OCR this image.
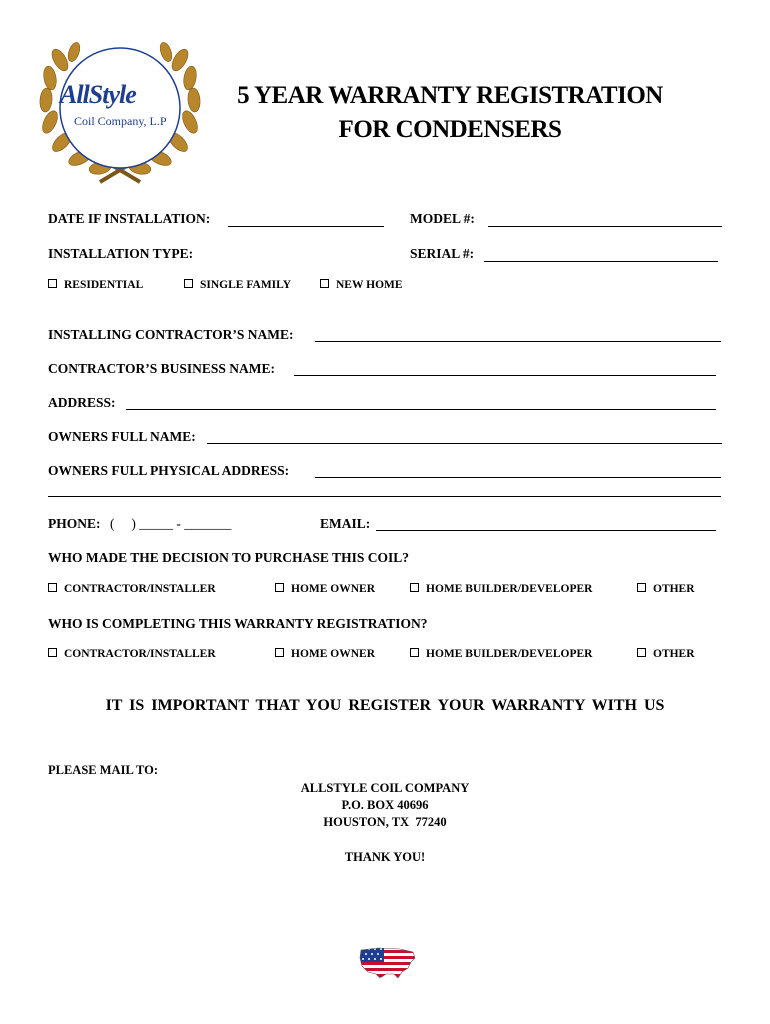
AllStyle
Coil Company, L.P
5 YEAR WARRANTY REGISTRATION
FOR CONDENSERS
DATE IF INSTALLATION:	MODEL #:
INSTALLATION TYPE:	SERIAL #:
RESIDENTIAL	SINGLE FAMILY	NEW HOME
INSTALLING CONTRACTOR’S NAME:
CONTRACTOR’S BUSINESS NAME:
ADDRESS:
OWNERS FULL NAME:
OWNERS FULL PHYSICAL ADDRESS:
PHONE: (     ) _____ - _______	EMAIL:
WHO MADE THE DECISION TO PURCHASE THIS COIL?
CONTRACTOR/INSTALLER	HOME OWNER	HOME BUILDER/DEVELOPER	OTHER
WHO IS COMPLETING THIS WARRANTY REGISTRATION?
CONTRACTOR/INSTALLER	HOME OWNER	HOME BUILDER/DEVELOPER	OTHER
IT IS IMPORTANT THAT YOU REGISTER YOUR WARRANTY WITH US
PLEASE MAIL TO:
ALLSTYLE COIL COMPANY
P.O. BOX 40696
HOUSTON, TX  77240
THANK YOU!
